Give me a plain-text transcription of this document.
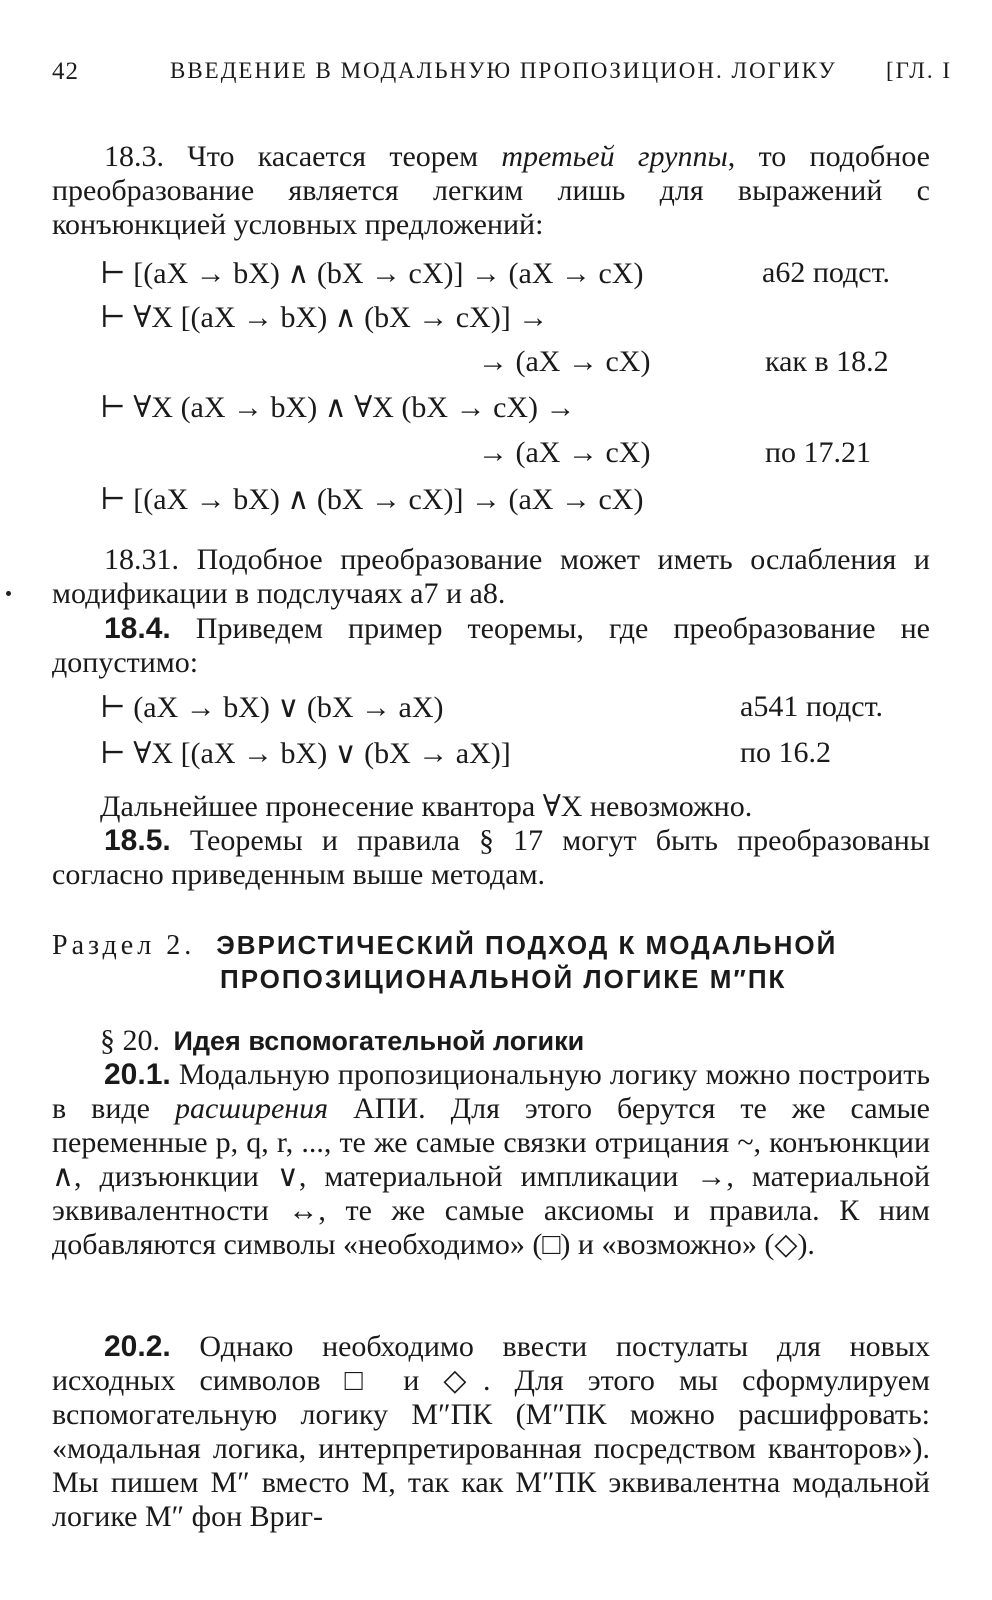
42	ВВЕДЕНИЕ В МОДАЛЬНУЮ ПРОПОЗИЦИОН. ЛОГИКУ [ГЛ. I
18.3. Что касается теорем третьей группы, то подобное преобразование является легким лишь для выражений с конъюнкцией условных предложений:
⊢ [(aX → bX) ∧ (bX → cX)] → (aX → cX)	a62 подст.
⊢ ∀X [(aX → bX) ∧ (bX → cX)] →
→ (aX → cX)	как в 18.2
⊢ ∀X (aX → bX) ∧ ∀X (bX → cX) →
→ (aX → cX)	по 17.21
⊢ [(aX → bX) ∧ (bX → cX)] → (aX → cX)
18.31. Подобное преобразование может иметь ослабления и модификации в подслучаях a7 и a8.
18.4. Приведем пример теоремы, где преобразование не допустимо:
⊢ (aX → bX) ∨ (bX → aX)	a541 подст.
⊢ ∀X [(aX → bX) ∨ (bX → aX)]	по 16.2
Дальнейшее пронесение квантора ∀X невозможно.
18.5. Теоремы и правила § 17 могут быть преобразованы согласно приведенным выше методам.
Раздел 2. ЭВРИСТИЧЕСКИЙ ПОДХОД К МОДАЛЬНОЙ
ПРОПОЗИЦИОНАЛЬНОЙ ЛОГИКЕ M″ПК
§ 20. Идея вспомогательной логики
20.1. Модальную пропозициональную логику можно построить в виде расширения АПИ. Для этого берутся те же самые переменные p, q, r, ..., те же самые связки отрицания ~, конъюнкции ∧, дизъюнкции ∨, материальной импликации →, материальной эквивалентности ↔, те же самые аксиомы и правила. К ним добавляются символы «необходимо» (□) и «возможно» (◇).
20.2. Однако необходимо ввести постулаты для новых исходных символов □ и ◇. Для этого мы сформулируем вспомогательную логику M″ПК (M″ПК можно расшифровать: «модальная логика, интерпретированная посредством кванторов»). Мы пишем M″ вместо M, так как M″ПК эквивалентна модальной логике M″ фон Вриг-
